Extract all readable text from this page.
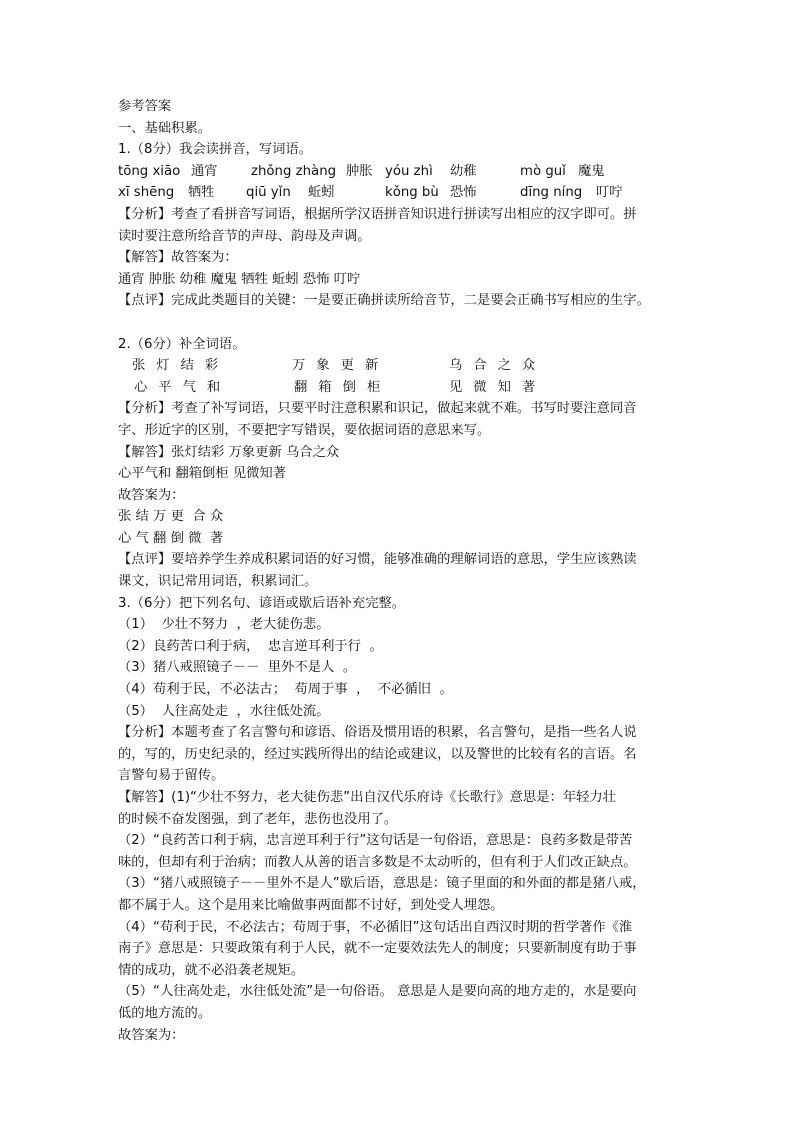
参考答案
一、基础积累。
1.（8分）我会读拼音，写词语。
tōng xiāo 通宵	zhǒng zhàng 肿胀 yóu zhì 幼稚	mò guǐ 魔鬼
xī shēng 牺牲 qiū yǐn 蚯蚓	kǒng bù 恐怖	dīng níng 叮咛
【分析】考查了看拼音写词语，根据所学汉语拼音知识进行拼读写出相应的汉字即可。拼
读时要注意所给音节的声母、韵母及声调。
【解答】故答案为：
通宵 肿胀 幼稚 魔鬼 牺牲 蚯蚓 恐怖 叮咛
【点评】完成此类题目的关键：一是要正确拼读所给音节，二是要会正确书写相应的生字。
2.（6分）补全词语。
张灯结彩	万象更新	乌合之众
心平气和	翻箱倒柜	见微知著
【分析】考查了补写词语，只要平时注意积累和识记，做起来就不难。书写时要注意同音
字、形近字的区别，不要把字写错误，要依据词语的意思来写。
【解答】张灯结彩 万象更新 乌合之众
心平气和 翻箱倒柜 见微知著
故答案为：
张 结 万 更  合 众
心 气 翻 倒 微  著
【点评】要培养学生养成积累词语的好习惯，能够准确的理解词语的意思，学生应该熟读
课文，识记常用词语，积累词汇。
3.（6分）把下列名句、谚语或歇后语补充完整。
（1）  少壮不努力  ，老大徒伤悲。
（2）良药苦口利于病，  忠言逆耳利于行  。
（3）猪八戒照镜子－－  里外不是人  。
（4）苟利于民，不必法古；  苟周于事  ，  不必循旧  。
（5）  人往高处走  ，水往低处流。
【分析】本题考查了名言警句和谚语、俗语及惯用语的积累，名言警句，是指一些名人说
的，写的，历史纪录的，经过实践所得出的结论或建议，以及警世的比较有名的言语。名
言警句易于留传。
【解答】(1)“少壮不努力，老大徒伤悲”出自汉代乐府诗《长歌行》意思是：年轻力壮
的时候不奋发图强，到了老年，悲伤也没用了。
（2）“良药苦口利于病，忠言逆耳利于行”这句话是一句俗语，意思是：良药多数是带苦
味的，但却有利于治病；而教人从善的语言多数是不太动听的，但有利于人们改正缺点。
（3）“猪八戒照镜子－－里外不是人”歇后语，意思是：镜子里面的和外面的都是猪八戒，
都不属于人。这个是用来比喻做事两面都不讨好，到处受人埋怨。
（4）“苟利于民，不必法古；苟周于事，不必循旧”这句话出自西汉时期的哲学著作《淮
南子》意思是：只要政策有利于人民，就不一定要效法先人的制度；只要新制度有助于事
情的成功，就不必沿袭老规矩。
（5）“人往高处走，水往低处流”是一句俗语。 意思是人是要向高的地方走的，水是要向
低的地方流的。
故答案为：
